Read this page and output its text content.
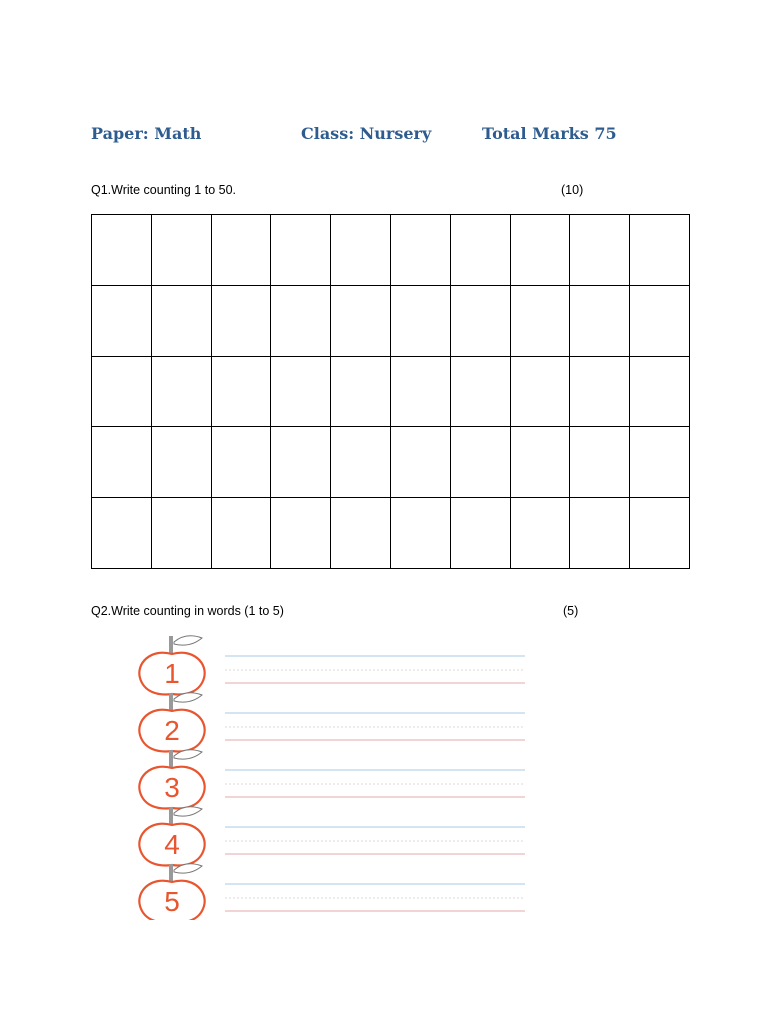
Paper: Math	Class: Nursery	Total Marks 75
Q1.Write counting 1 to 50.	(10)

Q2.Write counting in words (1 to 5)	(5)
1
2
3
4
5
